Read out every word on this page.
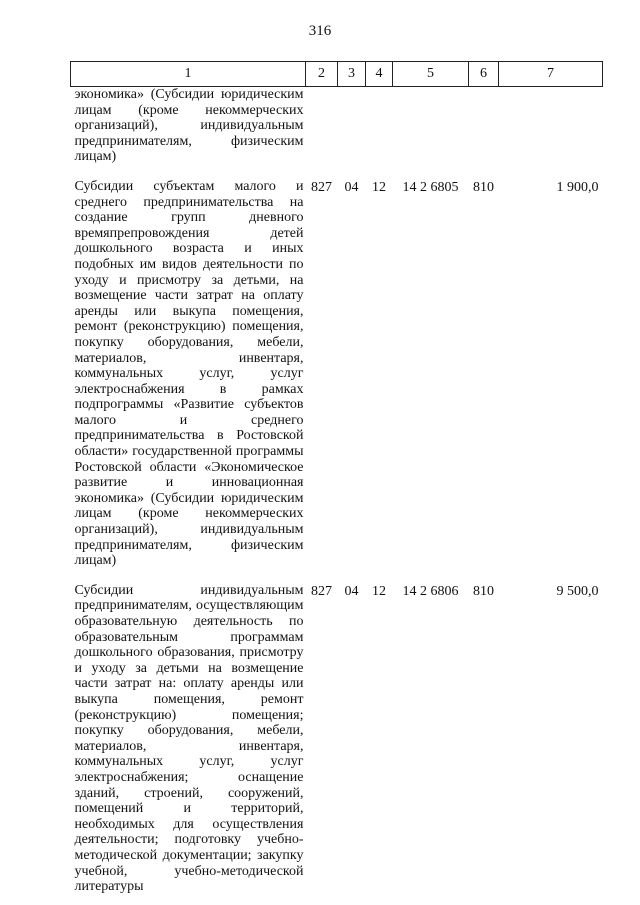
316
1	2	3	4	5	6	7
экономика» (Субсидии юридическим лицам (кроме некоммерческих организаций), индивидуальным предпринимателям, физическим лицам)						

Субсидии субъектам малого и среднего предпринимательства на создание групп дневного времяпрепровождения детей дошкольного возраста и иных подобных им видов деятельности по уходу и присмотру за детьми, на возмещение части затрат на оплату аренды или выкупа помещения, ремонт (реконструкцию) помещения, покупку оборудования, мебели, материалов, инвентаря, коммунальных услуг, услуг электроснабжения в рамках подпрограммы «Развитие субъектов малого и среднего предпринимательства в Ростовской области» государственной программы Ростовской области «Экономическое развитие и инновационная экономика» (Субсидии юридическим лицам (кроме некоммерческих организаций), индивидуальным предпринимателям, физическим лицам)	827	04	12	14 2 6805	810	1 900,0

Субсидии индивидуальным предпринимателям, осуществляющим образовательную деятельность по образовательным программам дошкольного образования, присмотру и уходу за детьми на возмещение части затрат на: оплату аренды или выкупа помещения, ремонт (реконструкцию) помещения; покупку оборудования, мебели, материалов, инвентаря, коммунальных услуг, услуг электроснабжения; оснащение зданий, строений, сооружений, помещений и территорий, необходимых для осуществления деятельности; подготовку учебно-методической документации; закупку учебной, учебно-методической литературы	827	04	12	14 2 6806	810	9 500,0
